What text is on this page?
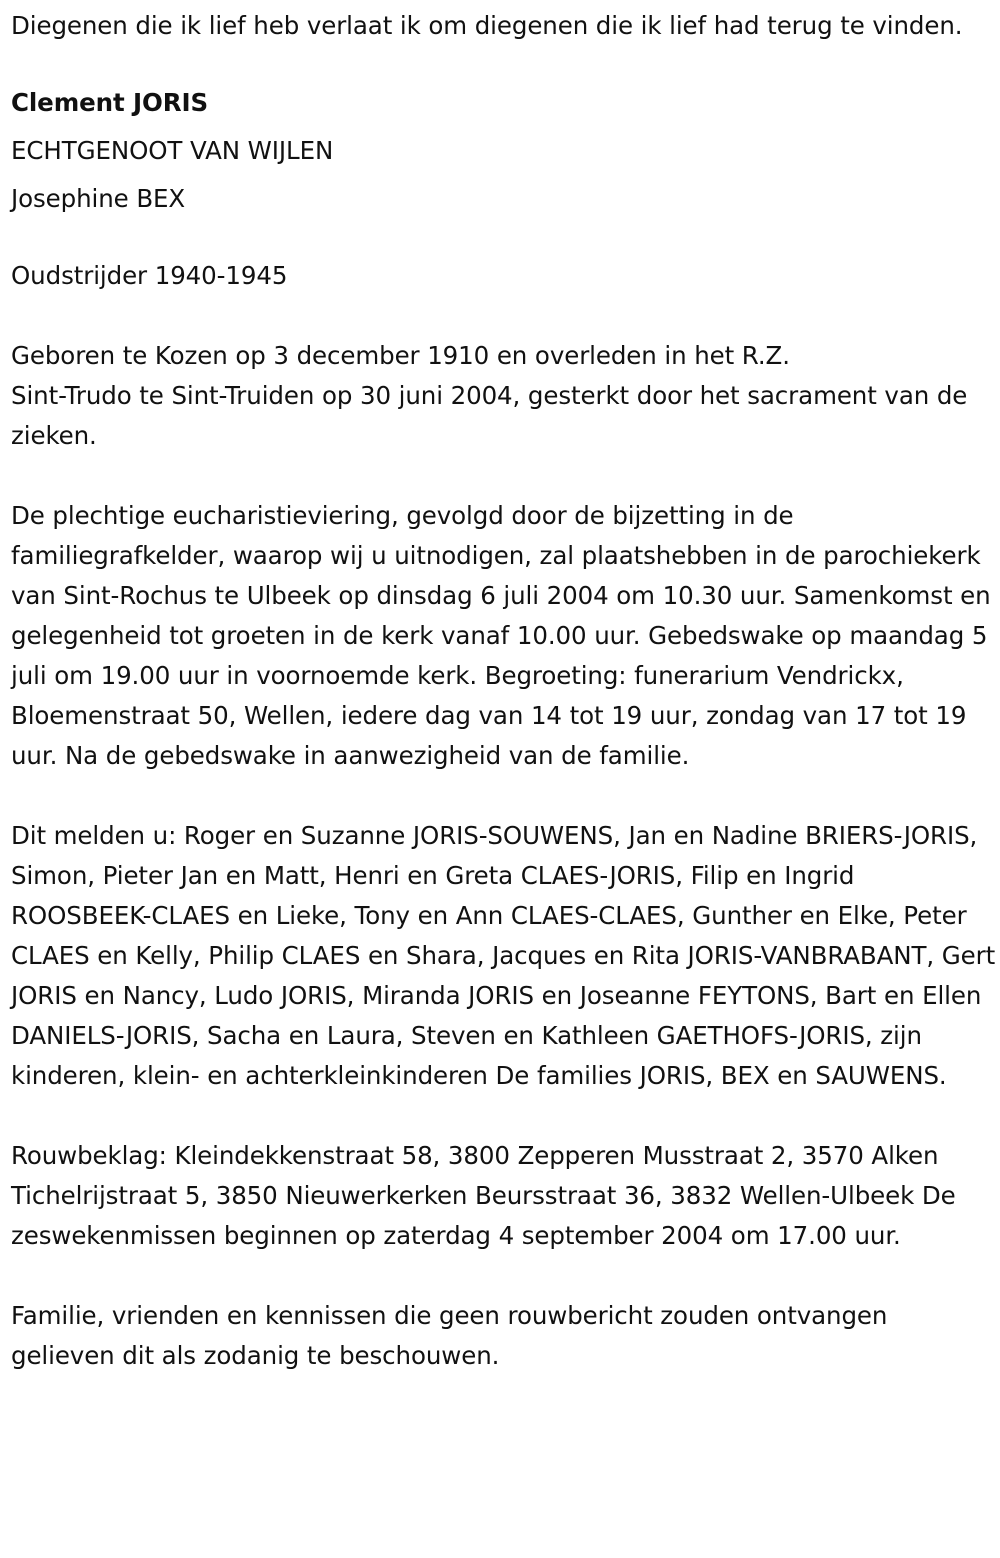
Diegenen die ik lief heb verlaat ik om diegenen die ik lief had terug te vinden.

Clement JORIS
ECHTGENOOT VAN WIJLEN
Josephine BEX

Oudstrijder 1940-1945

Geboren te Kozen op 3 december 1910 en overleden in het R.Z.
Sint-Trudo te Sint-Truiden op 30 juni 2004, gesterkt door het sacrament van de zieken.

De plechtige eucharistieviering, gevolgd door de bijzetting in de familiegrafkelder, waarop wij u uitnodigen, zal plaatshebben in de parochiekerk van Sint-Rochus te Ulbeek op dinsdag 6 juli 2004 om 10.30 uur. Samenkomst en gelegenheid tot groeten in de kerk vanaf 10.00 uur. Gebedswake op maandag 5 juli om 19.00 uur in voornoemde kerk. Begroeting: funerarium Vendrickx, Bloemenstraat 50, Wellen, iedere dag van 14 tot 19 uur, zondag van 17 tot 19 uur. Na de gebedswake in aanwezigheid van de familie.

Dit melden u: Roger en Suzanne JORIS-SOUWENS, Jan en Nadine BRIERS-JORIS, Simon, Pieter Jan en Matt, Henri en Greta CLAES-JORIS, Filip en Ingrid ROOSBEEK-CLAES en Lieke, Tony en Ann CLAES-CLAES, Gunther en Elke, Peter CLAES en Kelly, Philip CLAES en Shara, Jacques en Rita JORIS-VANBRABANT, Gert JORIS en Nancy, Ludo JORIS, Miranda JORIS en Joseanne FEYTONS, Bart en Ellen DANIELS-JORIS, Sacha en Laura, Steven en Kathleen GAETHOFS-JORIS, zijn kinderen, klein- en achterkleinkinderen De families JORIS, BEX en SAUWENS.

Rouwbeklag: Kleindekkenstraat 58, 3800 Zepperen Musstraat 2, 3570 Alken Tichelrijstraat 5, 3850 Nieuwerkerken Beursstraat 36, 3832 Wellen-Ulbeek De zeswekenmissen beginnen op zaterdag 4 september 2004 om 17.00 uur.

Familie, vrienden en kennissen die geen rouwbericht zouden ontvangen gelieven dit als zodanig te beschouwen.
